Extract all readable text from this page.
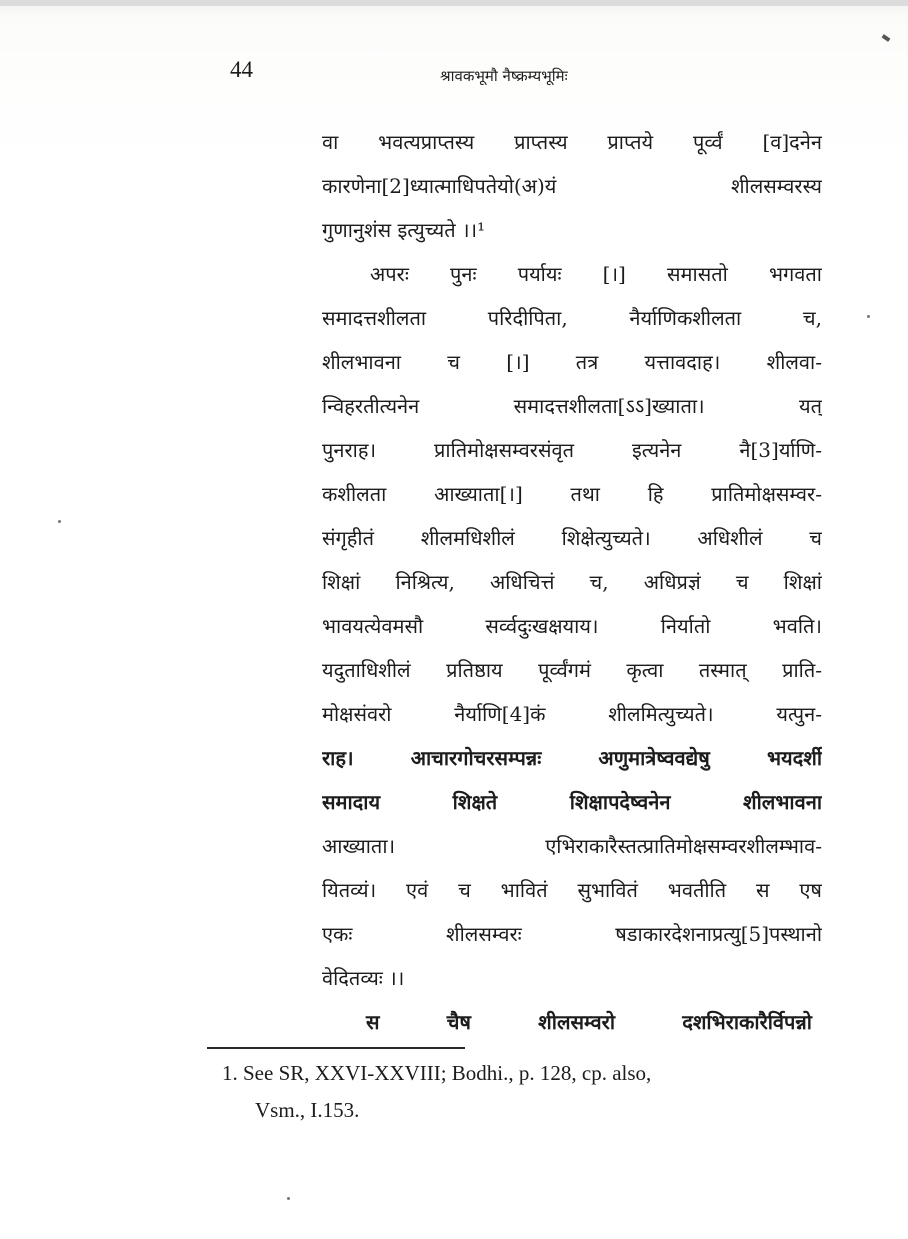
44	श्रावकभूमौ नैष्क्रम्यभूमिः
वा भवत्यप्राप्तस्य प्राप्तस्य प्राप्तये पूर्व्वं [व]दनेन
कारणेना[2]ध्यात्माधिपतेयो(अ)यं शीलसम्वरस्य
गुणानुशंस इत्युच्यते ।।¹
अपरः पुनः पर्यायः [।] समासतो भगवता
समादत्तशीलता परिदीपिता, नैर्याणिकशीलता च,
शीलभावना च [।] तत्र यत्तावदाह। शीलवा-
न्विहरतीत्यनेन समादत्तशीलता[ऽऽ]ख्याता। यत्
पुनराह। प्रातिमोक्षसम्वरसंवृत इत्यनेन नै[3]र्याणि-
कशीलता आख्याता[।] तथा हि प्रातिमोक्षसम्वर-
संगृहीतं शीलमधिशीलं शिक्षेत्युच्यते। अधिशीलं च
शिक्षां निश्रित्य, अधिचित्तं च, अधिप्रज्ञं च शिक्षां
भावयत्येवमसौ सर्व्वदुःखक्षयाय। निर्यातो भवति।
यदुताधिशीलं प्रतिष्ठाय पूर्व्वंगमं कृत्वा तस्मात् प्राति-
मोक्षसंवरो नैर्याणि[4]कं शीलमित्युच्यते। यत्पुन-
राह। आचारगोचरसम्पन्नः अणुमात्रेष्ववद्येषु भयदर्शी
समादाय शिक्षते शिक्षापदेष्वनेन शीलभावना
आख्याता। एभिराकारैस्तत्प्रातिमोक्षसम्वरशीलम्भाव-
यितव्यं। एवं च भावितं सुभावितं भवतीति स एष
एकः शीलसम्वरः षडाकारदेशनाप्रत्यु[5]पस्थानो
वेदितव्यः ।।
स चैष शीलसम्वरो दशभिराकारैर्विपन्नो
1. See SR, XXVI-XXVIII; Bodhi., p. 128, cp. also,
Vsm., I.153.
